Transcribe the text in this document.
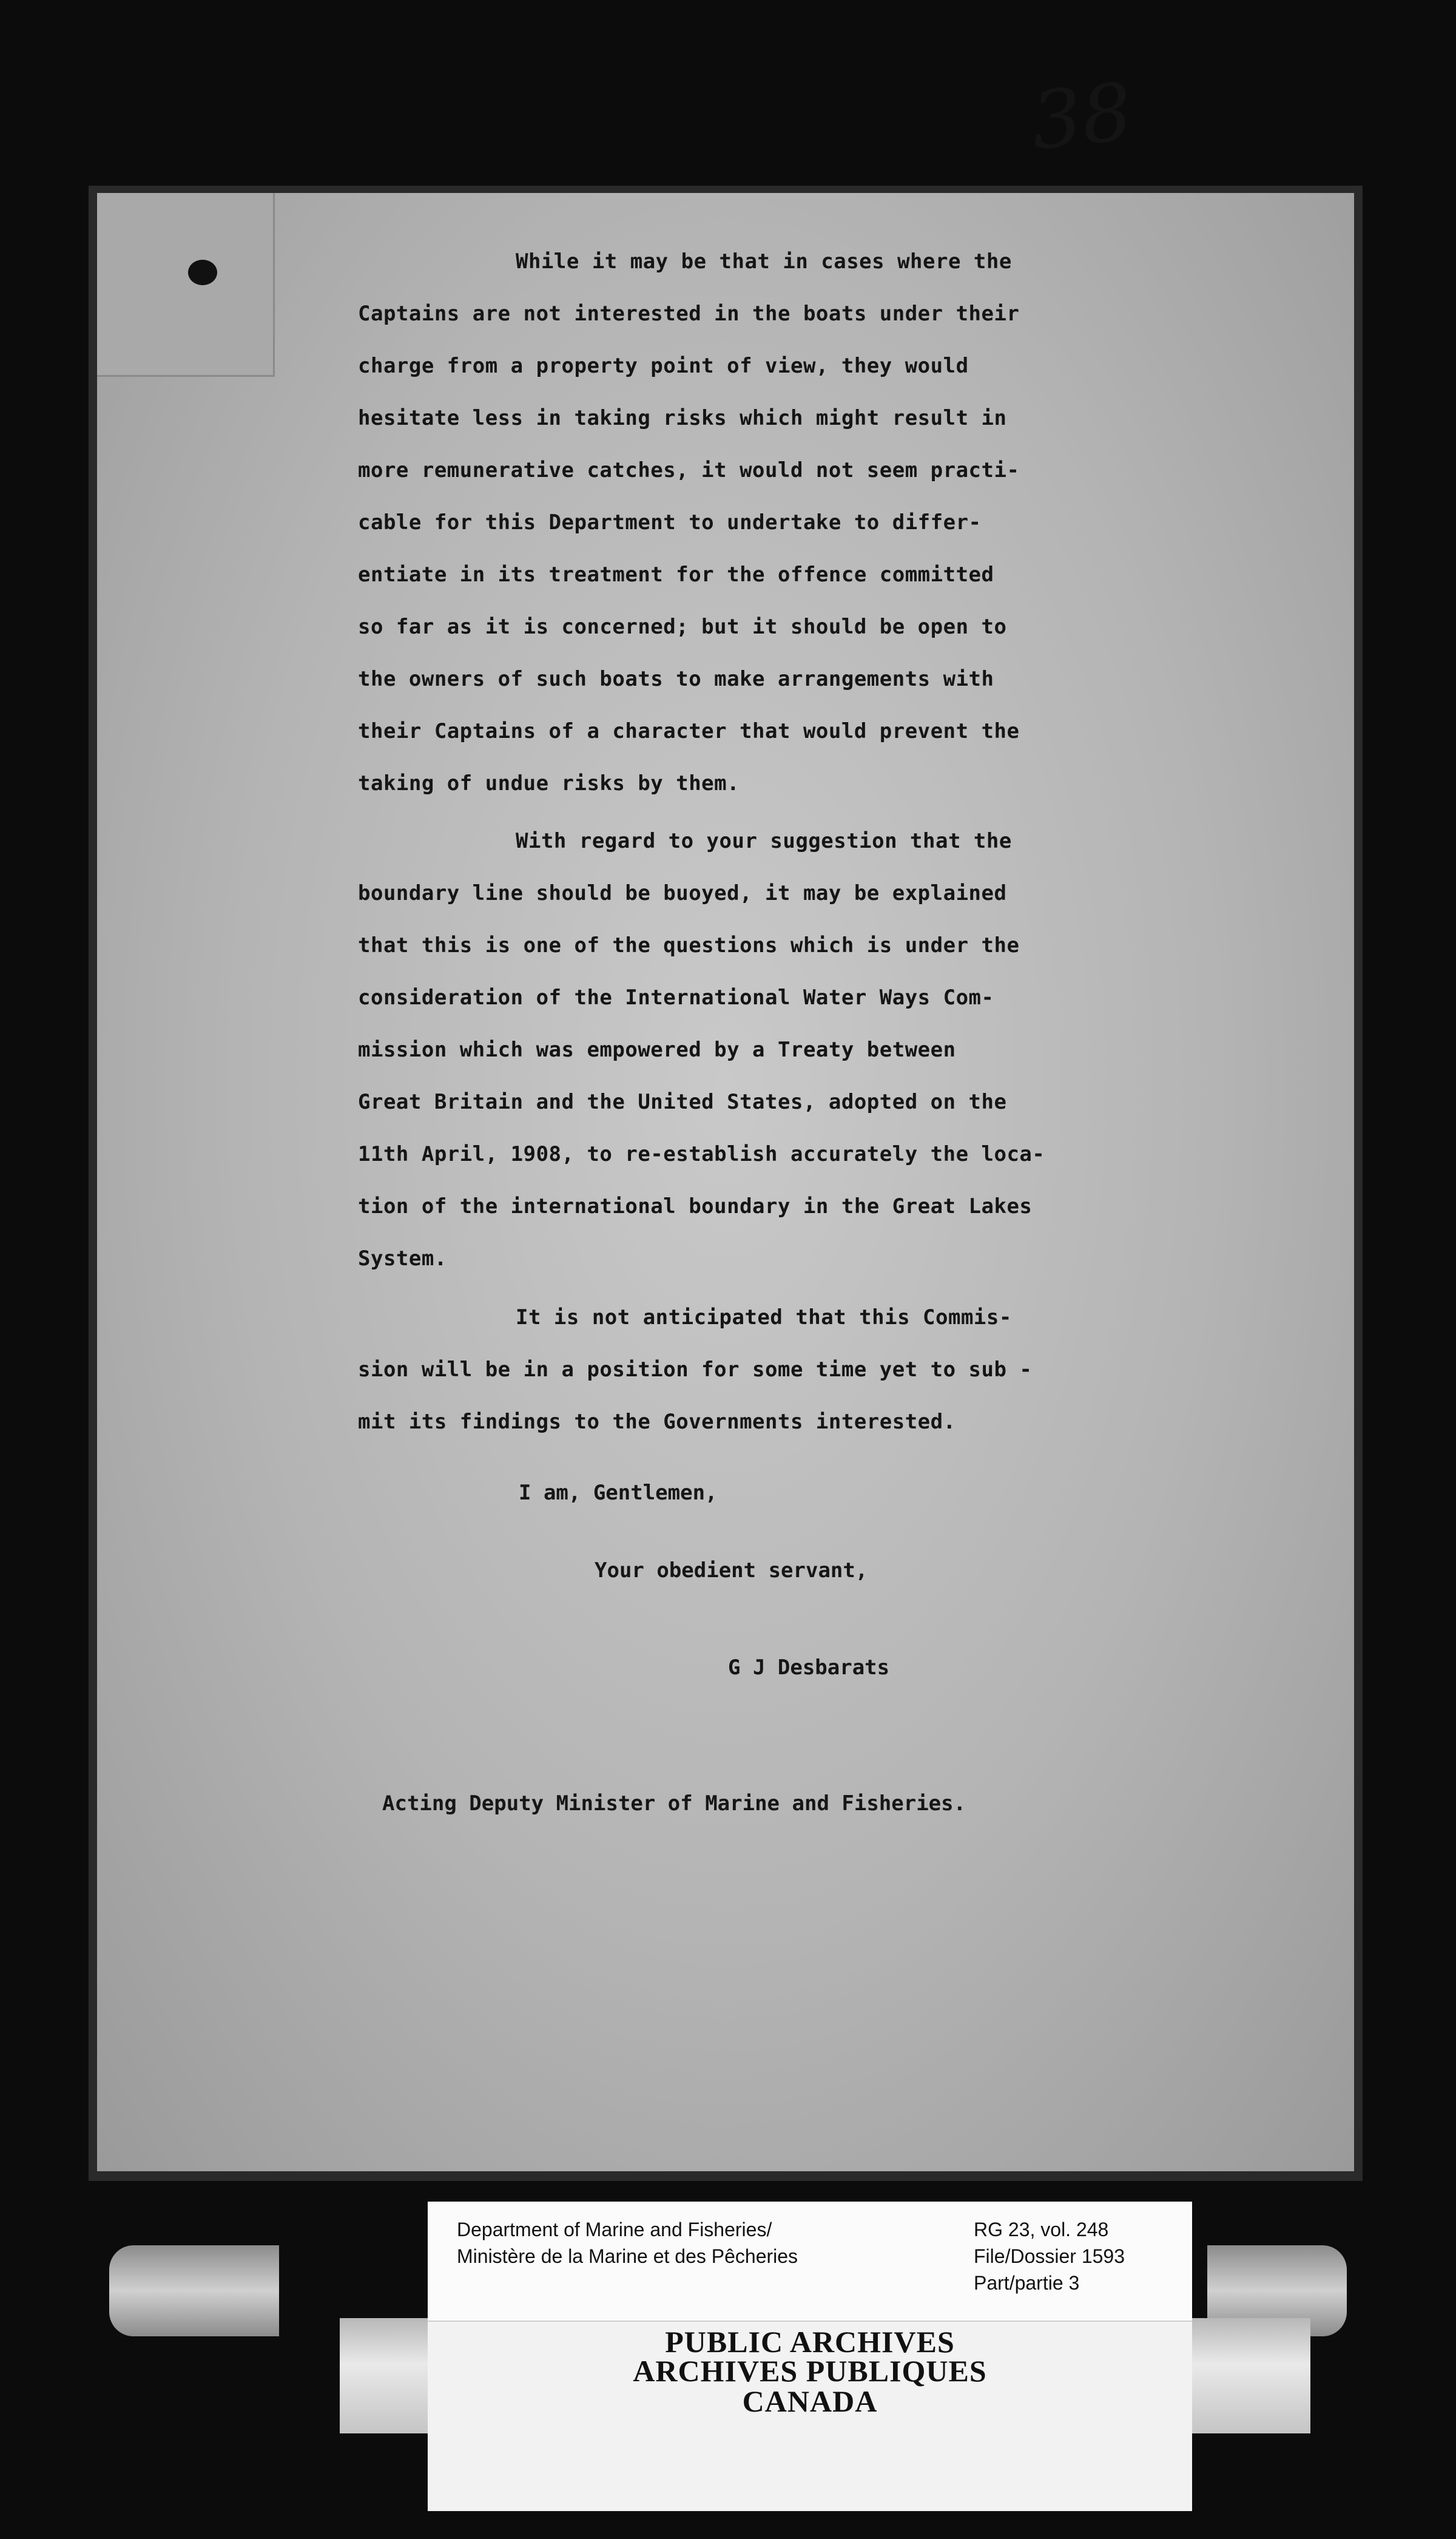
38
While it may be that in cases where the
Captains are not interested in the boats under their
charge from a property point of view, they would
hesitate less in taking risks which might result in
more remunerative catches, it would not seem practi-
cable for this Department to undertake to differ-
entiate in its treatment for the offence committed
so far as it is concerned; but it should be open to
the owners of such boats to make arrangements with
their Captains of a character that would prevent the
taking of undue risks by them.
With regard to your suggestion that the
boundary line should be buoyed, it may be explained
that this is one of the questions which is under the
consideration of the International Water Ways Com-
mission which was empowered by a Treaty between
Great Britain and the United States, adopted on the
11th April, 1908, to re-establish accurately the loca-
tion of the international boundary in the Great Lakes
System.
It is not anticipated that this Commis-
sion will be in a position for some time yet to sub -
mit its findings to the Governments interested.
I am, Gentlemen,
Your obedient servant,
G J Desbarats
Acting Deputy Minister of Marine and Fisheries.
Department of Marine and Fisheries/
Ministère de la Marine et des Pêcheries
RG 23, vol. 248
File/Dossier 1593
Part/partie 3
PUBLIC ARCHIVES
ARCHIVES PUBLIQUES
CANADA
